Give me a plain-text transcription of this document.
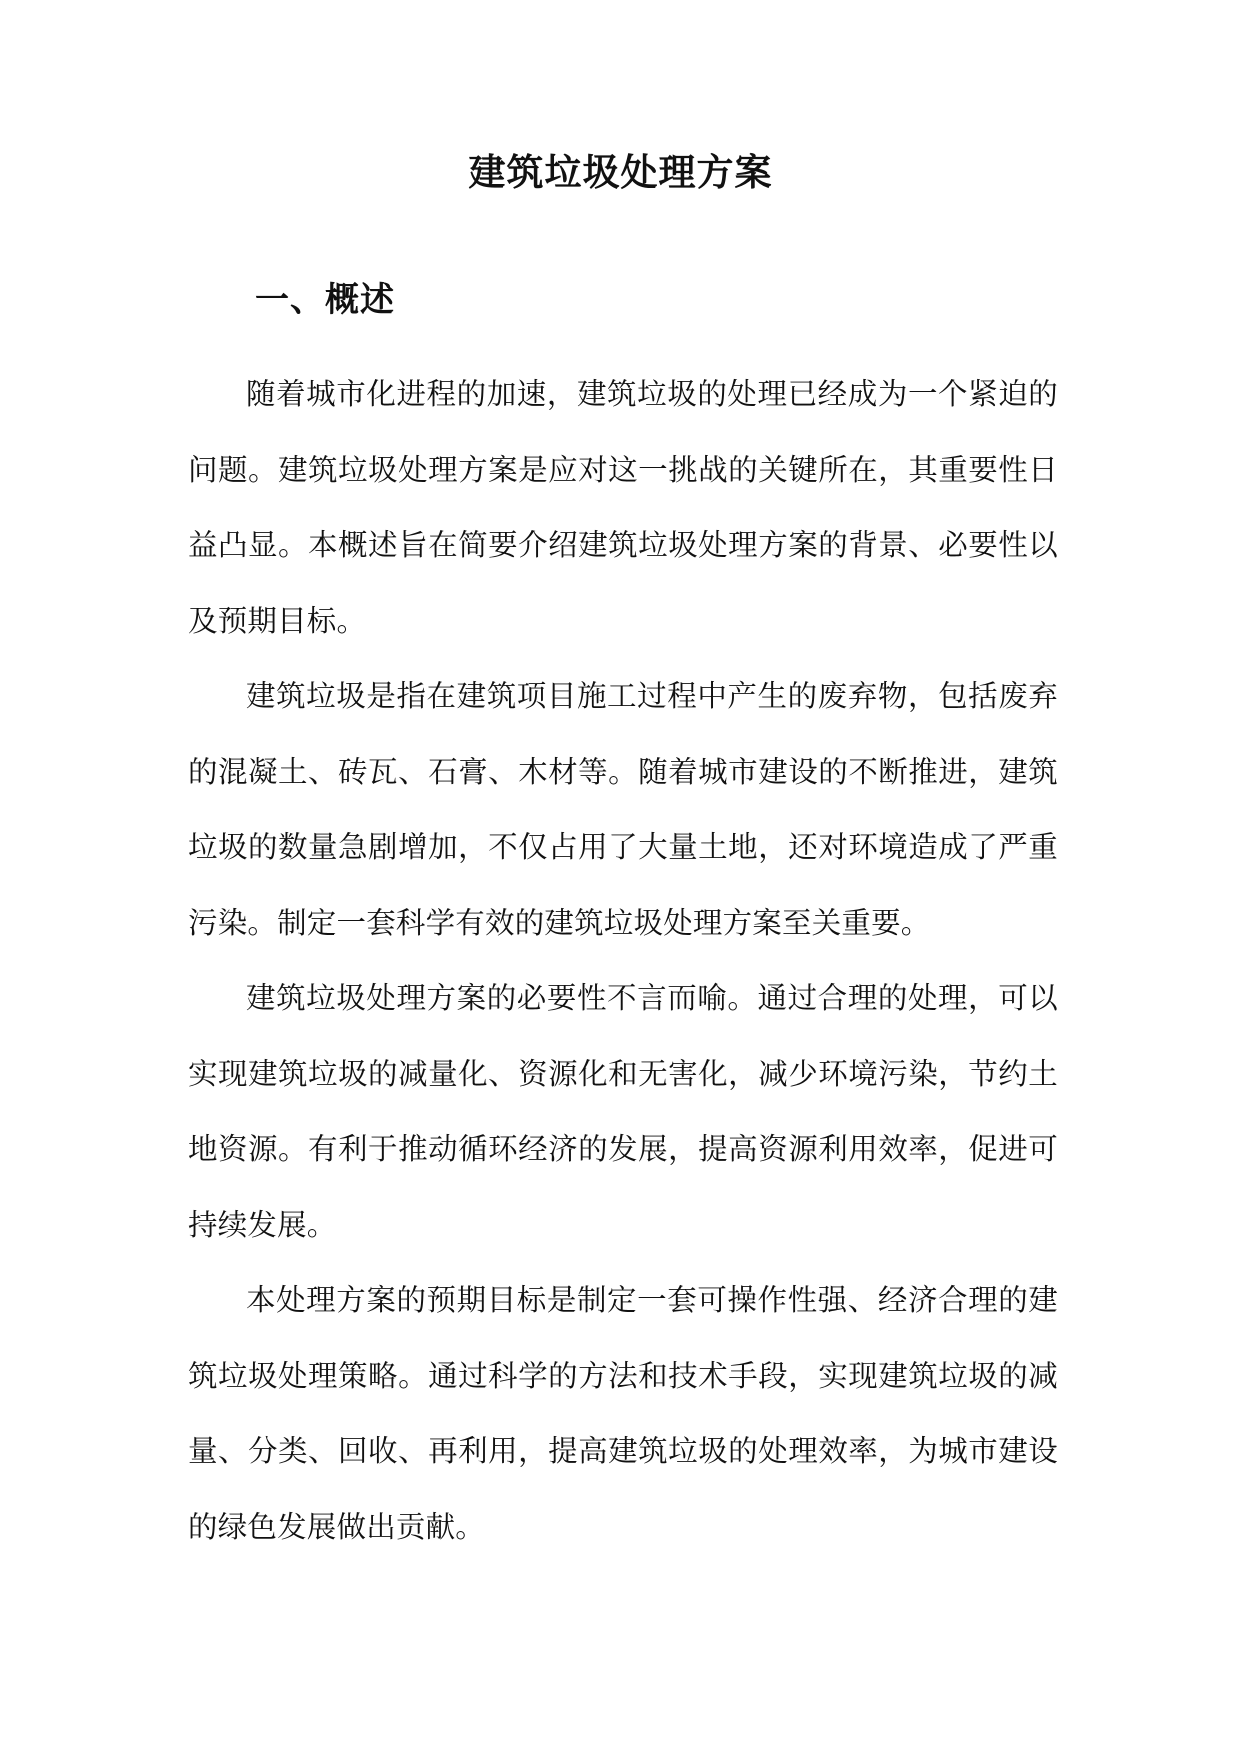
建筑垃圾处理方案
一、概述

随着城市化进程的加速，建筑垃圾的处理已经成为一个紧迫的问题。建筑垃圾处理方案是应对这一挑战的关键所在，其重要性日益凸显。本概述旨在简要介绍建筑垃圾处理方案的背景、必要性以及预期目标。

建筑垃圾是指在建筑项目施工过程中产生的废弃物，包括废弃的混凝土、砖瓦、石膏、木材等。随着城市建设的不断推进，建筑垃圾的数量急剧增加，不仅占用了大量土地，还对环境造成了严重污染。制定一套科学有效的建筑垃圾处理方案至关重要。

建筑垃圾处理方案的必要性不言而喻。通过合理的处理，可以实现建筑垃圾的减量化、资源化和无害化，减少环境污染，节约土地资源。有利于推动循环经济的发展，提高资源利用效率，促进可持续发展。

本处理方案的预期目标是制定一套可操作性强、经济合理的建筑垃圾处理策略。通过科学的方法和技术手段，实现建筑垃圾的减量、分类、回收、再利用，提高建筑垃圾的处理效率，为城市建设的绿色发展做出贡献。
